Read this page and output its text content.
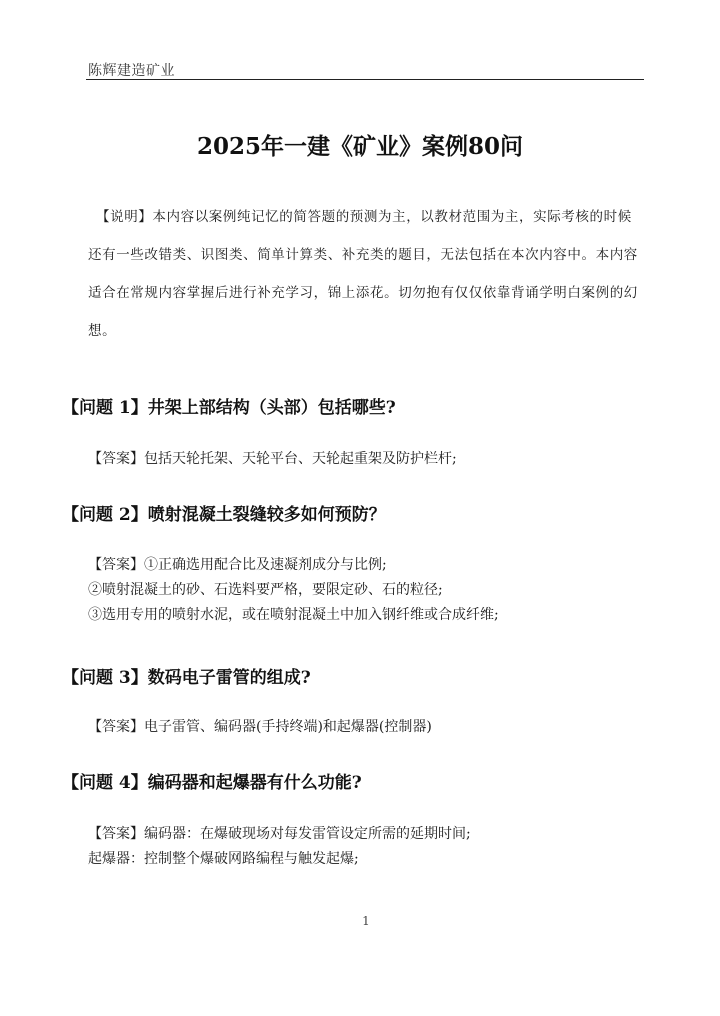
陈辉建造矿业
2025年一建《矿业》案例80问
【说明】本内容以案例纯记忆的简答题的预测为主，以教材范围为主，实际考核的时候还有一些改错类、识图类、简单计算类、补充类的题目，无法包括在本次内容中。本内容适合在常规内容掌握后进行补充学习，锦上添花。切勿抱有仅仅依靠背诵学明白案例的幻想。
【问题 1】井架上部结构（头部）包括哪些?

【答案】包括天轮托架、天轮平台、天轮起重架及防护栏杆;

【问题 2】喷射混凝土裂缝较多如何预防？

【答案】①正确选用配合比及速凝剂成分与比例;

②喷射混凝土的砂、石选料要严格，要限定砂、石的粒径;

③选用专用的喷射水泥，或在喷射混凝土中加入钢纤维或合成纤维;

【问题 3】数码电子雷管的组成?

【答案】电子雷管、编码器(手持终端)和起爆器(控制器)

【问题 4】编码器和起爆器有什么功能?

【答案】编码器：在爆破现场对每发雷管设定所需的延期时间;

起爆器：控制整个爆破网路编程与触发起爆;

1
